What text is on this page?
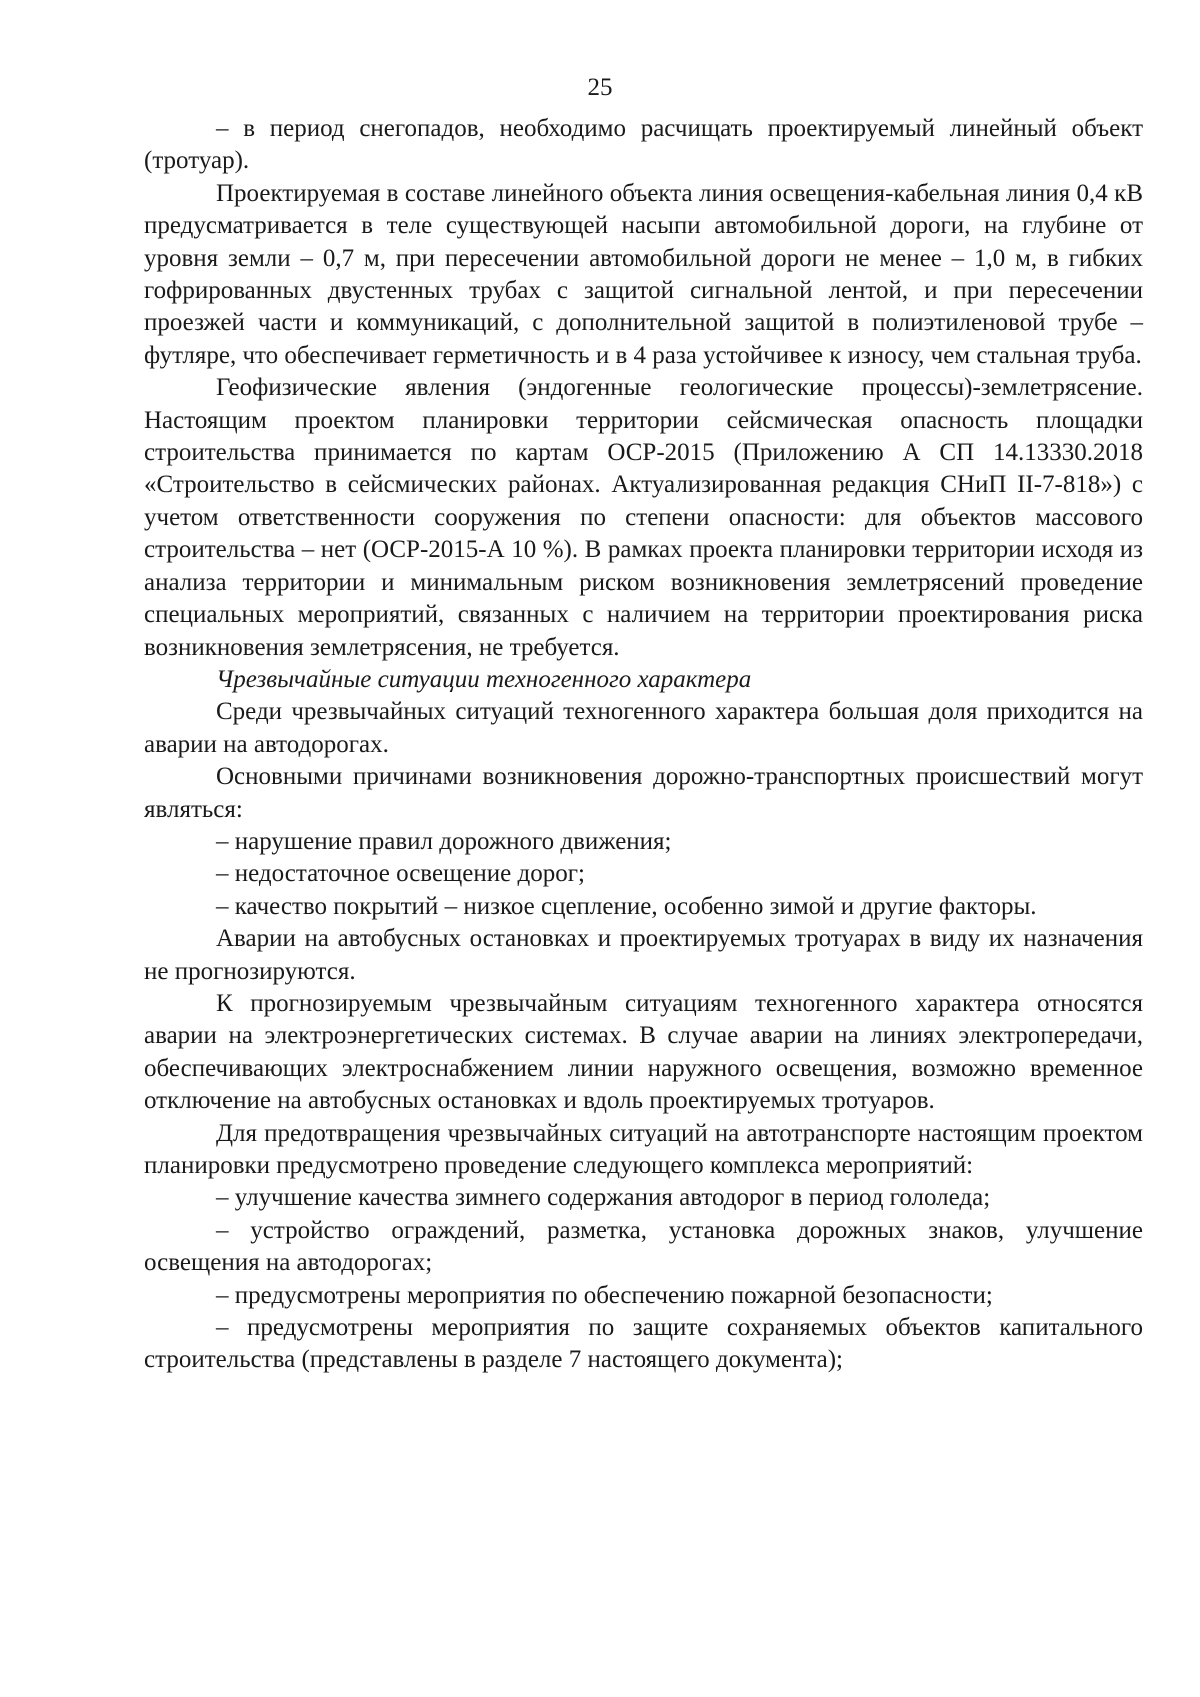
25

– в период снегопадов, необходимо расчищать проектируемый линейный объект (тротуар).

Проектируемая в составе линейного объекта линия освещения-кабельная линия 0,4 кВ предусматривается в теле существующей насыпи автомобильной дороги, на глубине от уровня земли – 0,7 м, при пересечении автомобильной дороги не менее – 1,0 м, в гибких гофрированных двустенных трубах с защитой сигнальной лентой, и при пересечении проезжей части и коммуникаций, с дополнительной защитой в полиэтиленовой трубе – футляре, что обеспечивает герметичность и в 4 раза устойчивее к износу, чем стальная труба.

Геофизические явления (эндогенные геологические процессы)-землетрясение. Настоящим проектом планировки территории сейсмическая опасность площадки строительства принимается по картам ОСР-2015 (Приложению А СП 14.13330.2018 «Строительство в сейсмических районах. Актуализированная редакция СНиП II-7-818») с учетом ответственности сооружения по степени опасности: для объектов массового строительства – нет (ОСР-2015-А 10 %). В рамках проекта планировки территории исходя из анализа территории и минимальным риском возникновения землетрясений проведение специальных мероприятий, связанных с наличием на территории проектирования риска возникновения землетрясения, не требуется.

Чрезвычайные ситуации техногенного характера

Среди чрезвычайных ситуаций техногенного характера большая доля приходится на аварии на автодорогах.

Основными причинами возникновения дорожно-транспортных происшествий могут являться:

– нарушение правил дорожного движения;

– недостаточное освещение дорог;

– качество покрытий – низкое сцепление, особенно зимой и другие факторы.

Аварии на автобусных остановках и проектируемых тротуарах в виду их назначения не прогнозируются.

К прогнозируемым чрезвычайным ситуациям техногенного характера относятся аварии на электроэнергетических системах. В случае аварии на линиях электропередачи, обеспечивающих электроснабжением линии наружного освещения, возможно временное отключение на автобусных остановках и вдоль проектируемых тротуаров.

Для предотвращения чрезвычайных ситуаций на автотранспорте настоящим проектом планировки предусмотрено проведение следующего комплекса мероприятий:

– улучшение качества зимнего содержания автодорог в период гололеда;

– устройство ограждений, разметка, установка дорожных знаков, улучшение освещения на автодорогах;

– предусмотрены мероприятия по обеспечению пожарной безопасности;

– предусмотрены мероприятия по защите сохраняемых объектов капитального строительства (представлены в разделе 7 настоящего документа);
